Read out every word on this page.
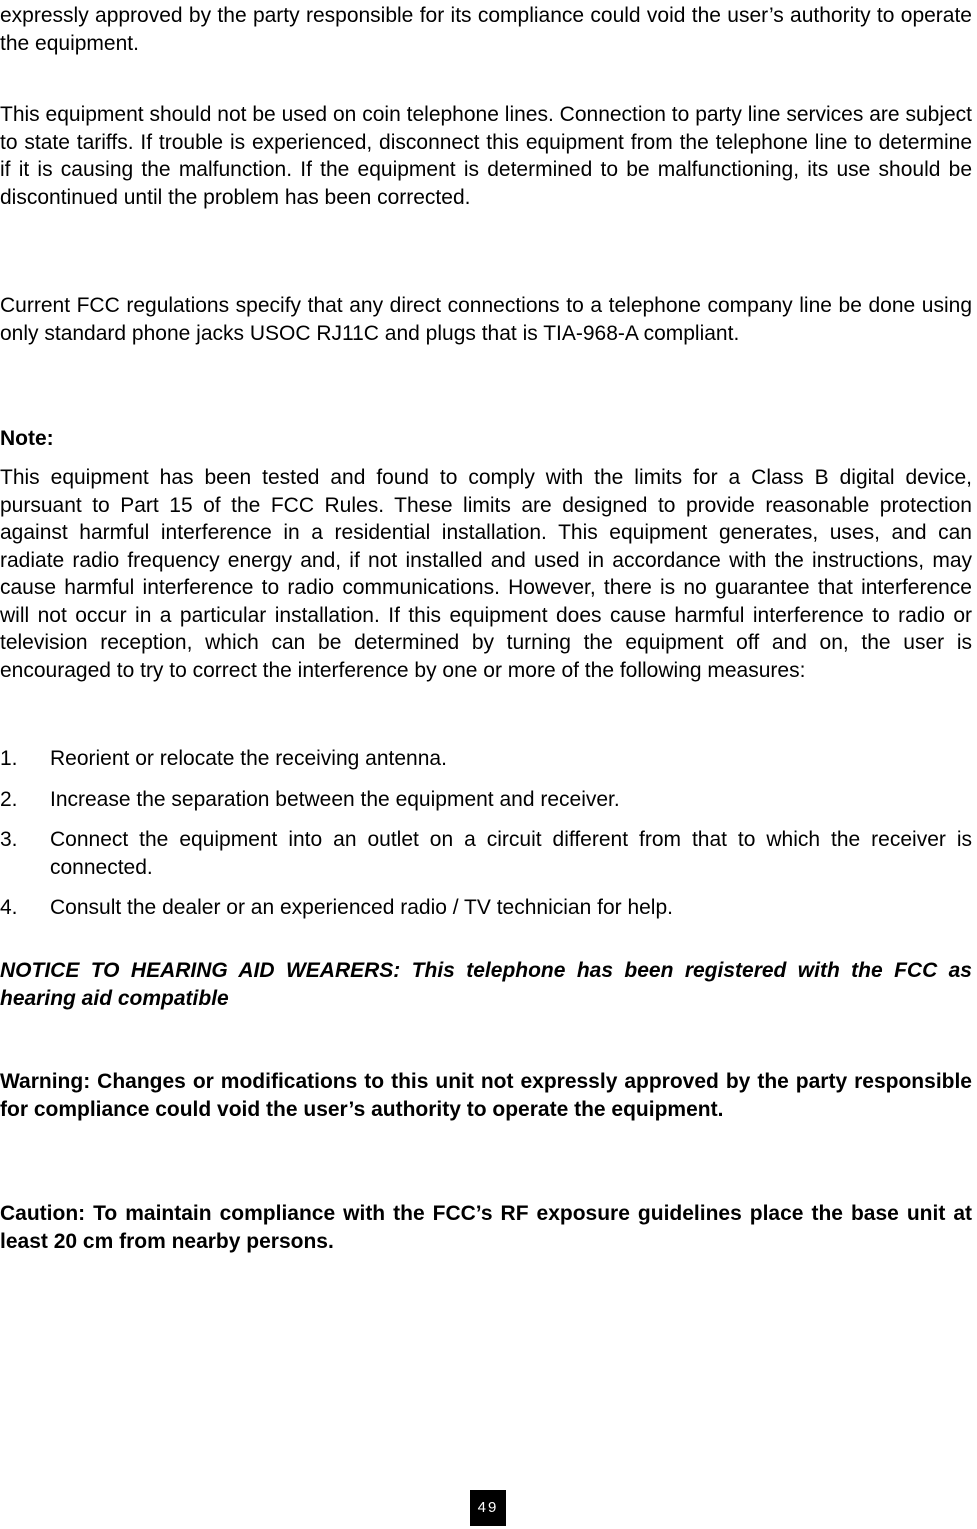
expressly approved by the party responsible for its compliance could void the user’s authority to operate the equipment.

This equipment should not be used on coin telephone lines. Connection to party line services are subject to state tariffs. If trouble is experienced, disconnect this equipment from the telephone line to determine if it is causing the malfunction. If the equipment is determined to be malfunctioning, its use should be discontinued until the problem has been corrected.

Current FCC regulations specify that any direct connections to a telephone company line be done using only standard phone jacks USOC RJ11C and plugs that is TIA-968-A compliant.

Note:

This equipment has been tested and found to comply with the limits for a Class B digital device, pursuant to Part 15 of the FCC Rules. These limits are designed to provide reasonable protection against harmful interference in a residential installation. This equipment generates, uses, and can radiate radio frequency energy and, if not installed and used in accordance with the instructions, may cause harmful interference to radio communications. However, there is no guarantee that interference will not occur in a particular installation. If this equipment does cause harmful interference to radio or television reception, which can be determined by turning the equipment off and on, the user is encouraged to try to correct the interference by one or more of the following measures:

1. Reorient or relocate the receiving antenna.
2. Increase the separation between the equipment and receiver.
3. Connect the equipment into an outlet on a circuit different from that to which the receiver is connected.
4. Consult the dealer or an experienced radio / TV technician for help.

NOTICE TO HEARING AID WEARERS: This telephone has been registered with the FCC as hearing aid compatible

Warning: Changes or modifications to this unit not expressly approved by the party responsible for compliance could void the user’s authority to operate the equipment.

Caution: To maintain compliance with the FCC’s RF exposure guidelines place the base unit at least 20 cm from nearby persons.

49
